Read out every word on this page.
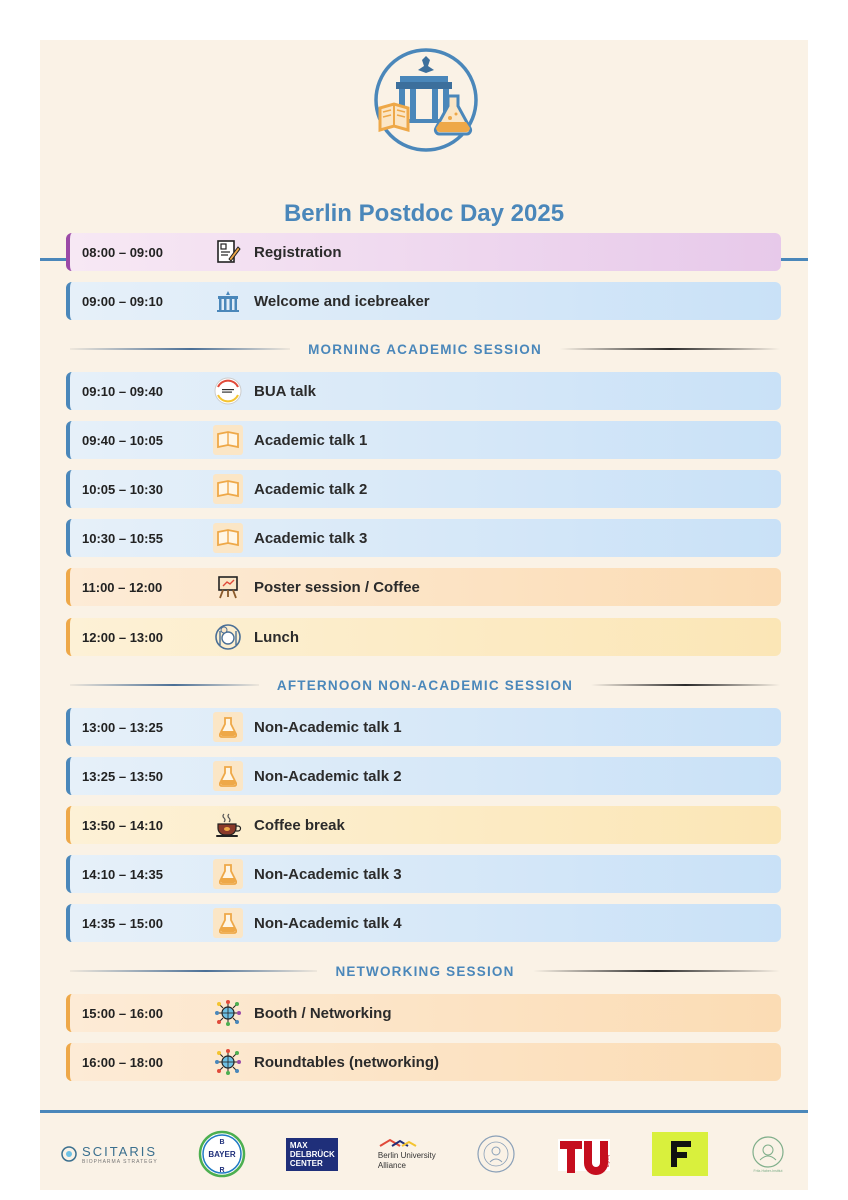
Berlin Postdoc Day 2025
08:00 – 09:00	Registration
09:00 – 09:10	Welcome and icebreaker
MORNING ACADEMIC SESSION
09:10 – 09:40	BUA talk
09:40 – 10:05	Academic talk 1
10:05 – 10:30	Academic talk 2
10:30 – 10:55	Academic talk 3
11:00 – 12:00	Poster session / Coffee
12:00 – 13:00	Lunch
AFTERNOON NON-ACADEMIC SESSION
13:00 – 13:25	Non-Academic talk 1
13:25 – 13:50	Non-Academic talk 2
13:50 – 14:10	Coffee break
14:10 – 14:35	Non-Academic talk 3
14:35 – 15:00	Non-Academic talk 4
NETWORKING SESSION
15:00 – 16:00	Booth / Networking
16:00 – 18:00	Roundtables (networking)
SCITARIS
BIOPHARMA STRATEGY
BAYER
B
R
MAX
DELBRÜCK
CENTER
Berlin University
Alliance	berlin
Fritz-Haber-Institut
